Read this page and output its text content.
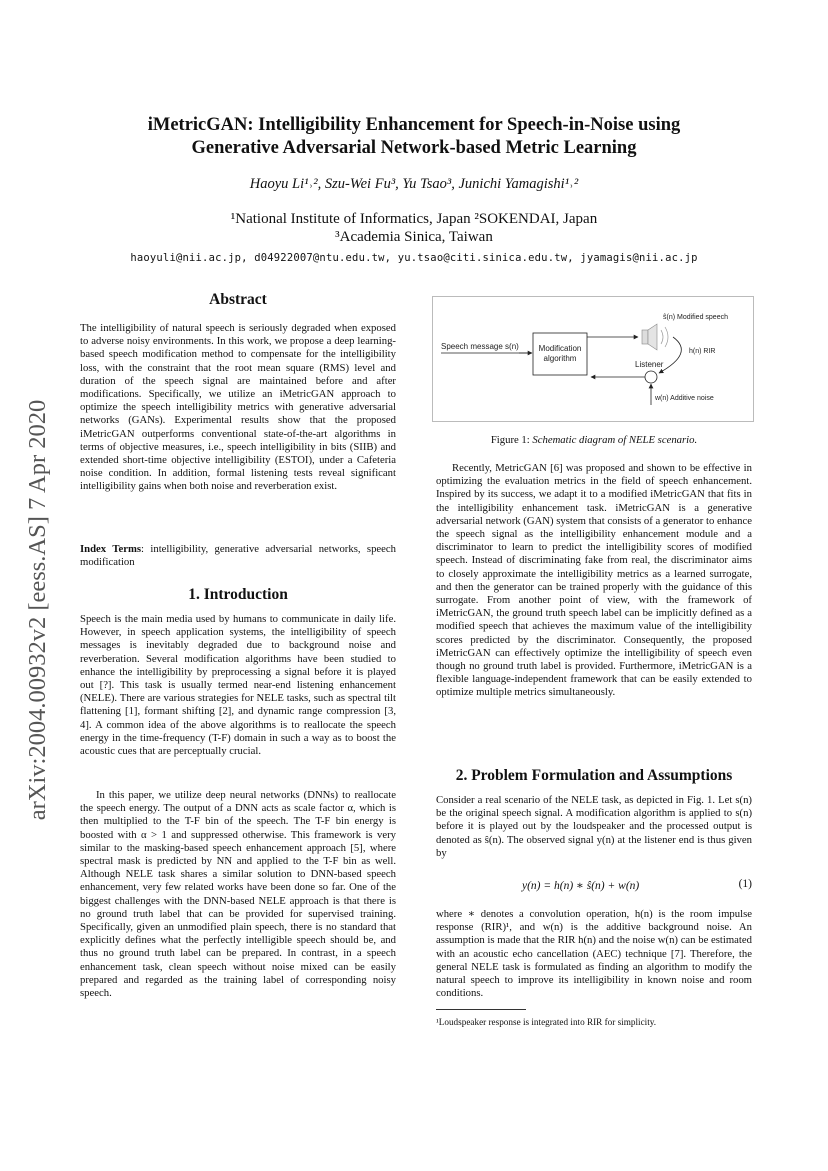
arXiv:2004.00932v2 [eess.AS] 7 Apr 2020
iMetricGAN: Intelligibility Enhancement for Speech-in-Noise using
Generative Adversarial Network-based Metric Learning
Haoyu Li¹˒², Szu-Wei Fu³, Yu Tsao³, Junichi Yamagishi¹˒²
¹National Institute of Informatics, Japan ²SOKENDAI, Japan
³Academia Sinica, Taiwan
haoyuli@nii.ac.jp, d04922007@ntu.edu.tw, yu.tsao@citi.sinica.edu.tw, jyamagis@nii.ac.jp
Abstract
The intelligibility of natural speech is seriously degraded when exposed to adverse noisy environments. In this work, we propose a deep learning-based speech modification method to compensate for the intelligibility loss, with the constraint that the root mean square (RMS) level and duration of the speech signal are maintained before and after modifications. Specifically, we utilize an iMetricGAN approach to optimize the speech intelligibility metrics with generative adversarial networks (GANs). Experimental results show that the proposed iMetricGAN outperforms conventional state-of-the-art algorithms in terms of objective measures, i.e., speech intelligibility in bits (SIIB) and extended short-time objective intelligibility (ESTOI), under a Cafeteria noise condition. In addition, formal listening tests reveal significant intelligibility gains when both noise and reverberation exist.
Index Terms: intelligibility, generative adversarial networks, speech modification
1. Introduction
Speech is the main media used by humans to communicate in daily life. However, in speech application systems, the intelligibility of speech messages is inevitably degraded due to background noise and reverberation. Several modification algorithms have been studied to enhance the intelligibility by preprocessing a signal before it is played out [?]. This task is usually termed near-end listening enhancement (NELE). There are various strategies for NELE tasks, such as spectral tilt flattening [1], formant shifting [2], and dynamic range compression [3, 4]. A common idea of the above algorithms is to reallocate the speech energy in the time-frequency (T-F) domain in such a way as to boost the acoustic cues that are perceptually crucial.
In this paper, we utilize deep neural networks (DNNs) to reallocate the speech energy. The output of a DNN acts as scale factor α, which is then multiplied to the T-F bin of the speech. The T-F bin energy is boosted with α > 1 and suppressed otherwise. This framework is very similar to the masking-based speech enhancement approach [5], where spectral mask is predicted by NN and applied to the T-F bin as well. Although NELE task shares a similar solution to DNN-based speech enhancement, very few related works have been done so far. One of the biggest challenges with the DNN-based NELE approach is that there is no ground truth label that can be provided for supervised training. Specifically, given an unmodified plain speech, there is no standard that explicitly defines what the perfectly intelligible speech should be, and thus no ground truth label can be prepared. In contrast, in a speech enhancement task, clean speech without noise mixed can be easily prepared and regarded as the training label of corresponding noisy speech.
Speech message s(n) Modification
algorithm
ŝ(n) Modified speech
h(n) RIR
Listener
w(n) Additive noise
Figure 1: Schematic diagram of NELE scenario.
Recently, MetricGAN [6] was proposed and shown to be effective in optimizing the evaluation metrics in the field of speech enhancement. Inspired by its success, we adapt it to a modified iMetricGAN that fits in the intelligibility enhancement task. iMetricGAN is a generative adversarial network (GAN) system that consists of a generator to enhance the speech signal as the intelligibility enhancement module and a discriminator to learn to predict the intelligibility scores of modified speech. Instead of discriminating fake from real, the discriminator aims to closely approximate the intelligibility metrics as a learned surrogate, and then the generator can be trained properly with the guidance of this surrogate. From another point of view, with the framework of iMetricGAN, the ground truth speech label can be implicitly defined as a modified speech that achieves the maximum value of the intelligibility scores predicted by the discriminator. Consequently, the proposed iMetricGAN can effectively optimize the intelligibility of speech even though no ground truth label is provided. Furthermore, iMetricGAN is a flexible language-independent framework that can be easily extended to optimize multiple metrics simultaneously.
2. Problem Formulation and Assumptions
Consider a real scenario of the NELE task, as depicted in Fig. 1. Let s(n) be the original speech signal. A modification algorithm is applied to s(n) before it is played out by the loudspeaker and the processed output is denoted as ŝ(n). The observed signal y(n) at the listener end is thus given by
y(n) = h(n) ∗ ŝ(n) + w(n)	(1)
where ∗ denotes a convolution operation, h(n) is the room impulse response (RIR)¹, and w(n) is the additive background noise. An assumption is made that the RIR h(n) and the noise w(n) can be estimated with an acoustic echo cancellation (AEC) technique [7]. Therefore, the general NELE task is formulated as finding an algorithm to modify the natural speech to improve its intelligibility in known noise and room conditions.
¹Loudspeaker response is integrated into RIR for simplicity.
